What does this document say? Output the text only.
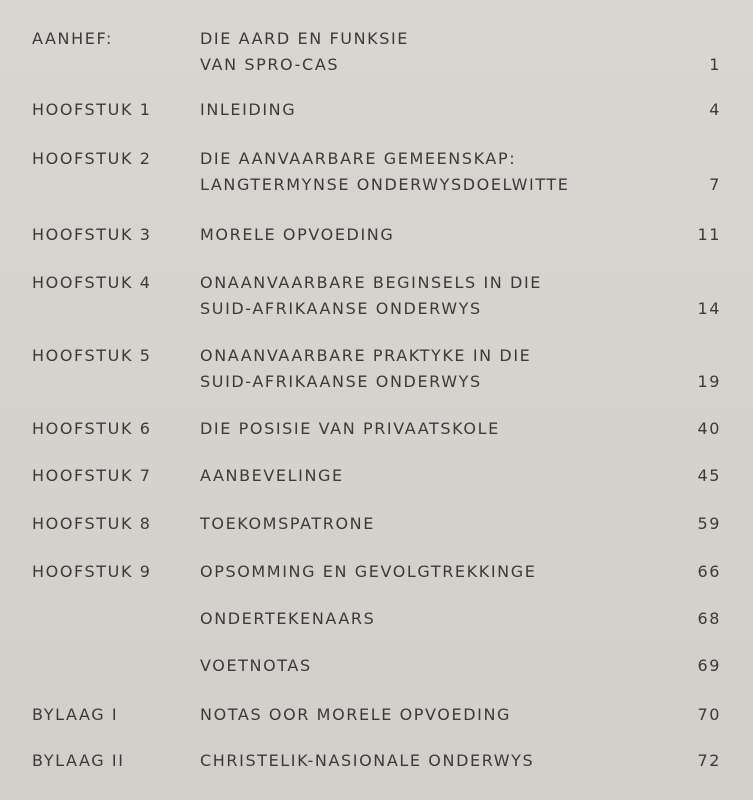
AANHEF:	DIE AARD EN FUNKSIE
VAN SPRO-CAS	1
HOOFSTUK 1	INLEIDING	4
HOOFSTUK 2	DIE AANVAARBARE GEMEENSKAP:
LANGTERMYNSE ONDERWYSDOELWITTE	7
HOOFSTUK 3	MORELE OPVOEDING	11
HOOFSTUK 4	ONAANVAARBARE BEGINSELS IN DIE
SUID-AFRIKAANSE ONDERWYS	14
HOOFSTUK 5	ONAANVAARBARE PRAKTYKE IN DIE
SUID-AFRIKAANSE ONDERWYS	19
HOOFSTUK 6	DIE POSISIE VAN PRIVAATSKOLE	40
HOOFSTUK 7	AANBEVELINGE	45
HOOFSTUK 8	TOEKOMSPATRONE	59
HOOFSTUK 9	OPSOMMING EN GEVOLGTREKKINGE	66
ONDERTEKENAARS	68
VOETNOTAS	69
BYLAAG I	NOTAS OOR MORELE OPVOEDING	70
BYLAAG II	CHRISTELIK-NASIONALE ONDERWYS	72
